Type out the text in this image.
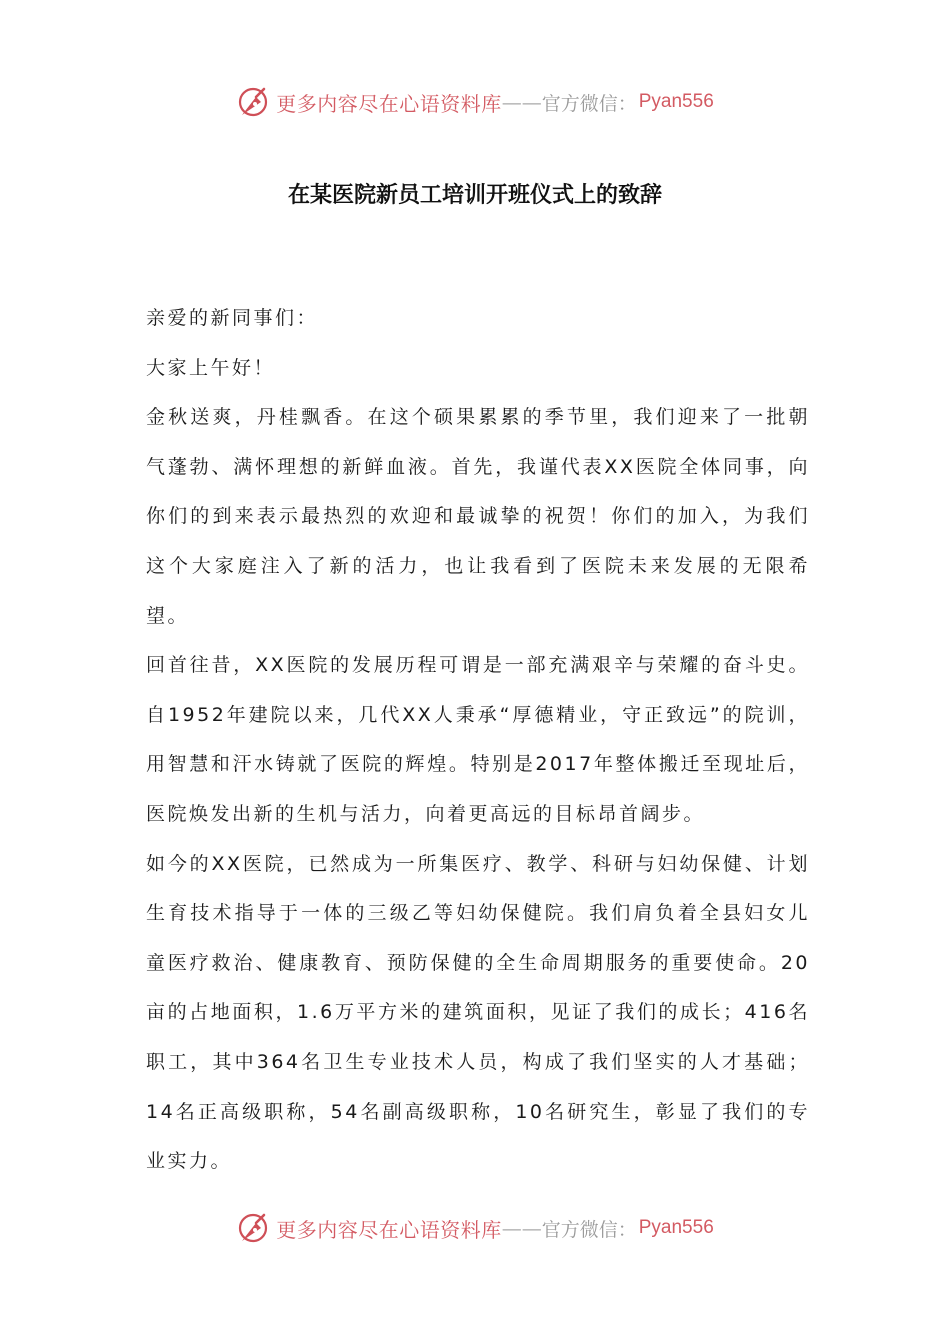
更多内容尽在心语资料库 —— 官方微信： Pyan556
在某医院新员工培训开班仪式上的致辞

亲爱的新同事们：

大家上午好！

金秋送爽，丹桂飘香。在这个硕果累累的季节里，我们迎来了一批朝气蓬勃、满怀理想的新鲜血液。首先，我谨代表XX医院全体同事，向你们的到来表示最热烈的欢迎和最诚挚的祝贺！你们的加入，为我们这个大家庭注入了新的活力，也让我看到了医院未来发展的无限希望。

回首往昔，XX医院的发展历程可谓是一部充满艰辛与荣耀的奋斗史。自1952年建院以来，几代XX人秉承“厚德精业，守正致远”的院训，用智慧和汗水铸就了医院的辉煌。特别是2017年整体搬迁至现址后，医院焕发出新的生机与活力，向着更高远的目标昂首阔步。

如今的XX医院，已然成为一所集医疗、教学、科研与妇幼保健、计划生育技术指导于一体的三级乙等妇幼保健院。我们肩负着全县妇女儿童医疗救治、健康教育、预防保健的全生命周期服务的重要使命。20亩的占地面积，1.6万平方米的建筑面积，见证了我们的成长；416名职工，其中364名卫生专业技术人员，构成了我们坚实的人才基础；14名正高级职称，54名副高级职称，10名研究生，彰显了我们的专业实力。

更多内容尽在心语资料库 —— 官方微信： Pyan556
